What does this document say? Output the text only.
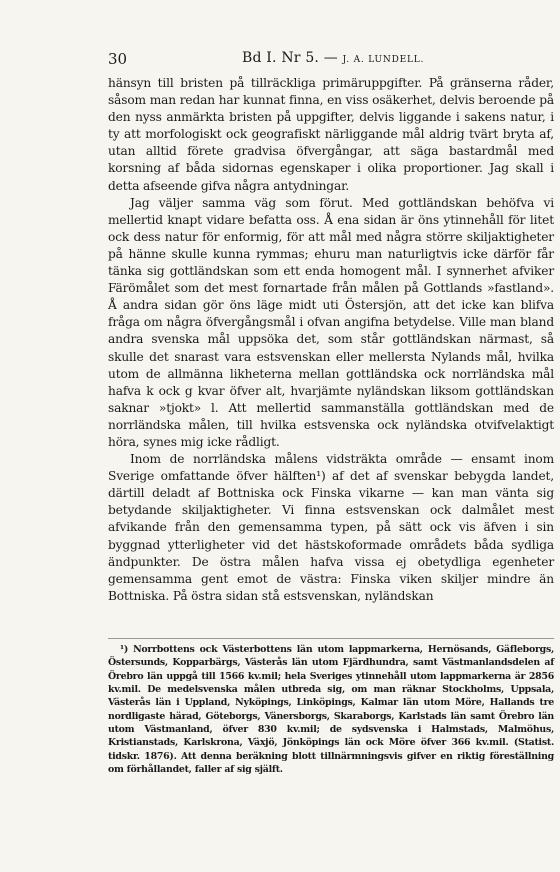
30	Bd I. Nr 5. — J. A. LUNDELL.

hänsyn till bristen på tillräckliga primäruppgifter. På gränserna råder, såsom man redan har kunnat finna, en viss osäkerhet, delvis beroende på den nyss anmärkta bristen på uppgifter, delvis liggande i sakens natur, i ty att morfologiskt ock geografiskt närliggande mål aldrig tvärt bryta af, utan alltid förete gradvisa öfvergångar, att säga bastardmål med korsning af båda sidornas egenskaper i olika proportioner. Jag skall i detta afseende gifva några antydningar.

Jag väljer samma väg som förut. Med gottländskan behöfva vi mellertid knapt vidare befatta oss. Å ena sidan är öns ytinnehåll för litet ock dess natur för enformig, för att mål med några större skiljaktigheter på hänne skulle kunna rymmas; ehuru man naturligtvis icke därför får tänka sig gottländskan som ett enda homogent mål. I synnerhet afviker Färömålet som det mest fornartade från målen på Gottlands »fastland». Å andra sidan gör öns läge midt uti Östersjön, att det icke kan blifva fråga om några öfvergångsmål i ofvan angifna betydelse. Ville man bland andra svenska mål uppsöka det, som står gottländskan närmast, så skulle det snarast vara estsvenskan eller mellersta Nylands mål, hvilka utom de allmänna likheterna mellan gottländska ock norrländska mål hafva k ock g kvar öfver alt, hvarjämte nyländskan liksom gottländskan saknar »tjokt» l. Att mellertid sammanställa gottländskan med de norrländska målen, till hvilka estsvenska ock nyländska otvifvelaktigt höra, synes mig icke rådligt.

Inom de norrländska målens vidsträkta område — ensamt inom Sverige omfattande öfver hälften¹) af det af svenskar bebygda landet, därtill deladt af Bottniska ock Finska vikarne — kan man vänta sig betydande skiljaktigheter. Vi finna estsvenskan ock dalmålet mest afvikande från den gemensamma typen, på sätt ock vis äfven i sin byggnad ytterligheter vid det hästskoformade områdets båda sydliga ändpunkter. De östra målen hafva vissa ej obetydliga egenheter gemensamma gent emot de västra: Finska viken skiljer mindre än Bottniska. På östra sidan stå estsvenskan, nyländskan

¹) Norrbottens ock Västerbottens län utom lappmarkerna, Hernösands, Gäfleborgs, Östersunds, Kopparbärgs, Västerås län utom Fjärdhundra, samt Västmanlandsdelen af Örebro län uppgå till 1566 kv.mil; hela Sveriges ytinnehåll utom lappmarkerna är 2856 kv.mil. De medelsvenska målen utbreda sig, om man räknar Stockholms, Uppsala, Västerås län i Uppland, Nyköpings, Linköpings, Kalmar län utom Möre, Hallands tre nordligaste härad, Göteborgs, Vänersborgs, Skaraborgs, Karlstads län samt Örebro län utom Västmanland, öfver 830 kv.mil; de sydsvenska i Halmstads, Malmöhus, Kristianstads, Karlskrona, Växjö, Jönköpings län ock Möre öfver 366 kv.mil. (Statist. tidskr. 1876). Att denna beräkning blott tillnärmningsvis gifver en riktig föreställning om förhållandet, faller af sig själft.
